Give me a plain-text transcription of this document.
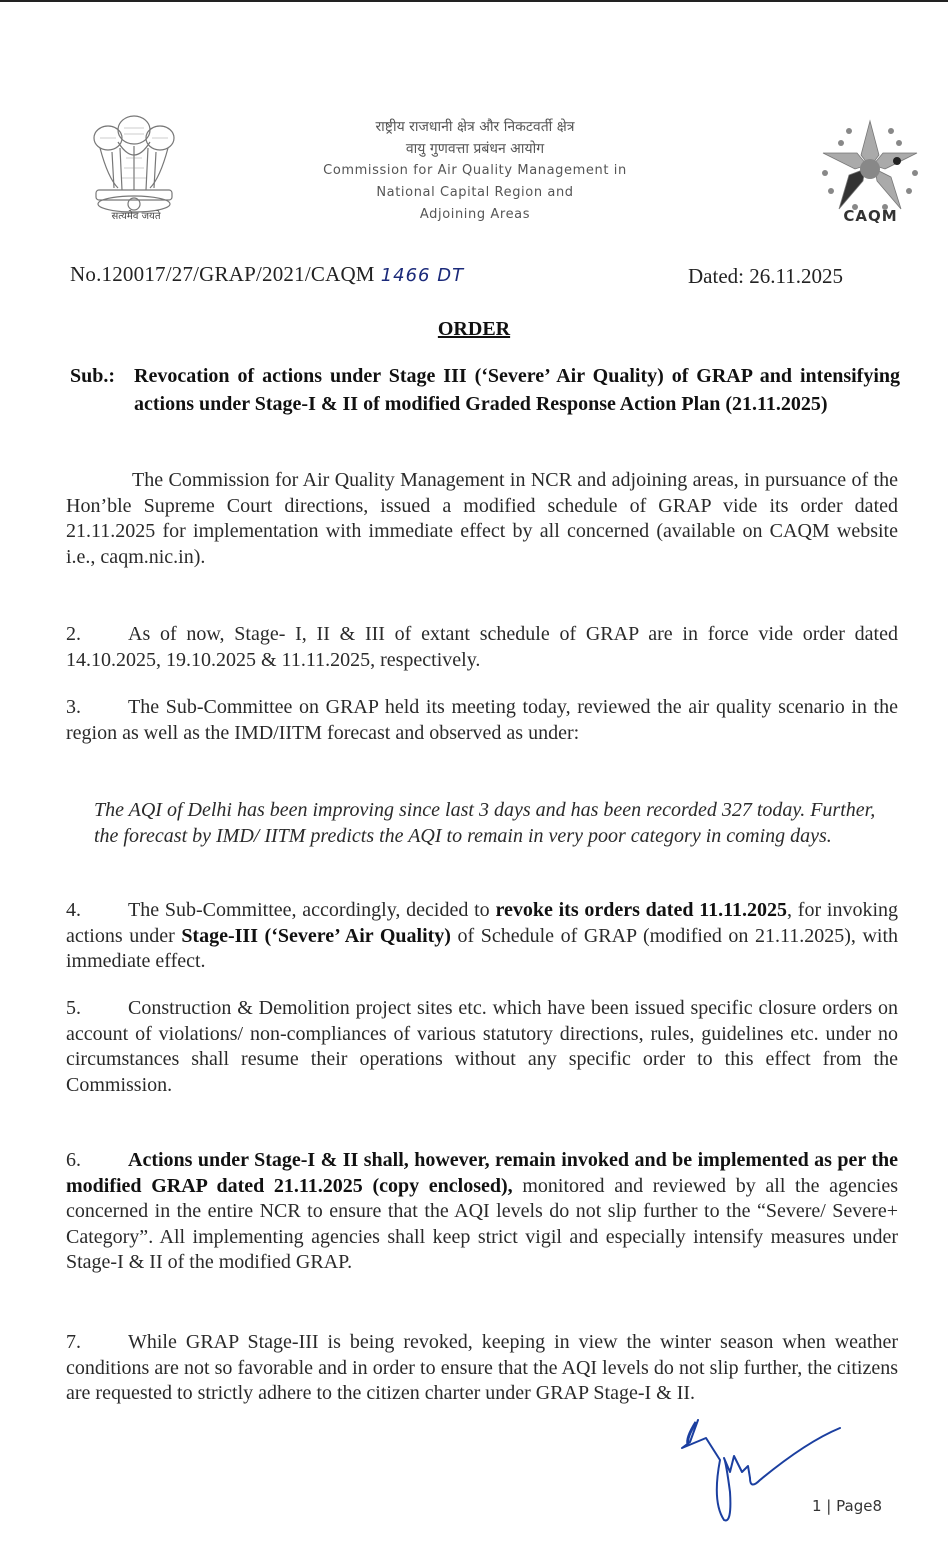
सत्यमेव जयते
राष्ट्रीय राजधानी क्षेत्र और निकटवर्ती क्षेत्र
वायु गुणवत्ता प्रबंधन आयोग
Commission for Air Quality Management in
National Capital Region and
Adjoining Areas	CAQM
No.120017/27/GRAP/2021/CAQM 1466 DT	Dated: 26.11.2025
ORDER
Sub.: Revocation of actions under Stage III (‘Severe’ Air Quality) of GRAP and intensifying actions under Stage-I & II of modified Graded Response Action Plan (21.11.2025)
The Commission for Air Quality Management in NCR and adjoining areas, in pursuance of the Hon’ble Supreme Court directions, issued a modified schedule of GRAP vide its order dated 21.11.2025 for implementation with immediate effect by all concerned (available on CAQM website i.e., caqm.nic.in).
2. As of now, Stage- I, II & III of extant schedule of GRAP are in force vide order dated 14.10.2025, 19.10.2025 & 11.11.2025, respectively.
3. The Sub-Committee on GRAP held its meeting today, reviewed the air quality scenario in the region as well as the IMD/IITM forecast and observed as under:
The AQI of Delhi has been improving since last 3 days and has been recorded 327 today. Further, the forecast by IMD/ IITM predicts the AQI to remain in very poor category in coming days.
4. The Sub-Committee, accordingly, decided to revoke its orders dated 11.11.2025, for invoking actions under Stage-III (‘Severe’ Air Quality) of Schedule of GRAP (modified on 21.11.2025), with immediate effect.
5. Construction & Demolition project sites etc. which have been issued specific closure orders on account of violations/ non-compliances of various statutory directions, rules, guidelines etc. under no circumstances shall resume their operations without any specific order to this effect from the Commission.
6. Actions under Stage-I & II shall, however, remain invoked and be implemented as per the modified GRAP dated 21.11.2025 (copy enclosed), monitored and reviewed by all the agencies concerned in the entire NCR to ensure that the AQI levels do not slip further to the “Severe/ Severe+ Category”. All implementing agencies shall keep strict vigil and especially intensify measures under Stage-I & II of the modified GRAP.
7. While GRAP Stage-III is being revoked, keeping in view the winter season when weather conditions are not so favorable and in order to ensure that the AQI levels do not slip further, the citizens are requested to strictly adhere to the citizen charter under GRAP Stage-I & II.
1 | Page8
